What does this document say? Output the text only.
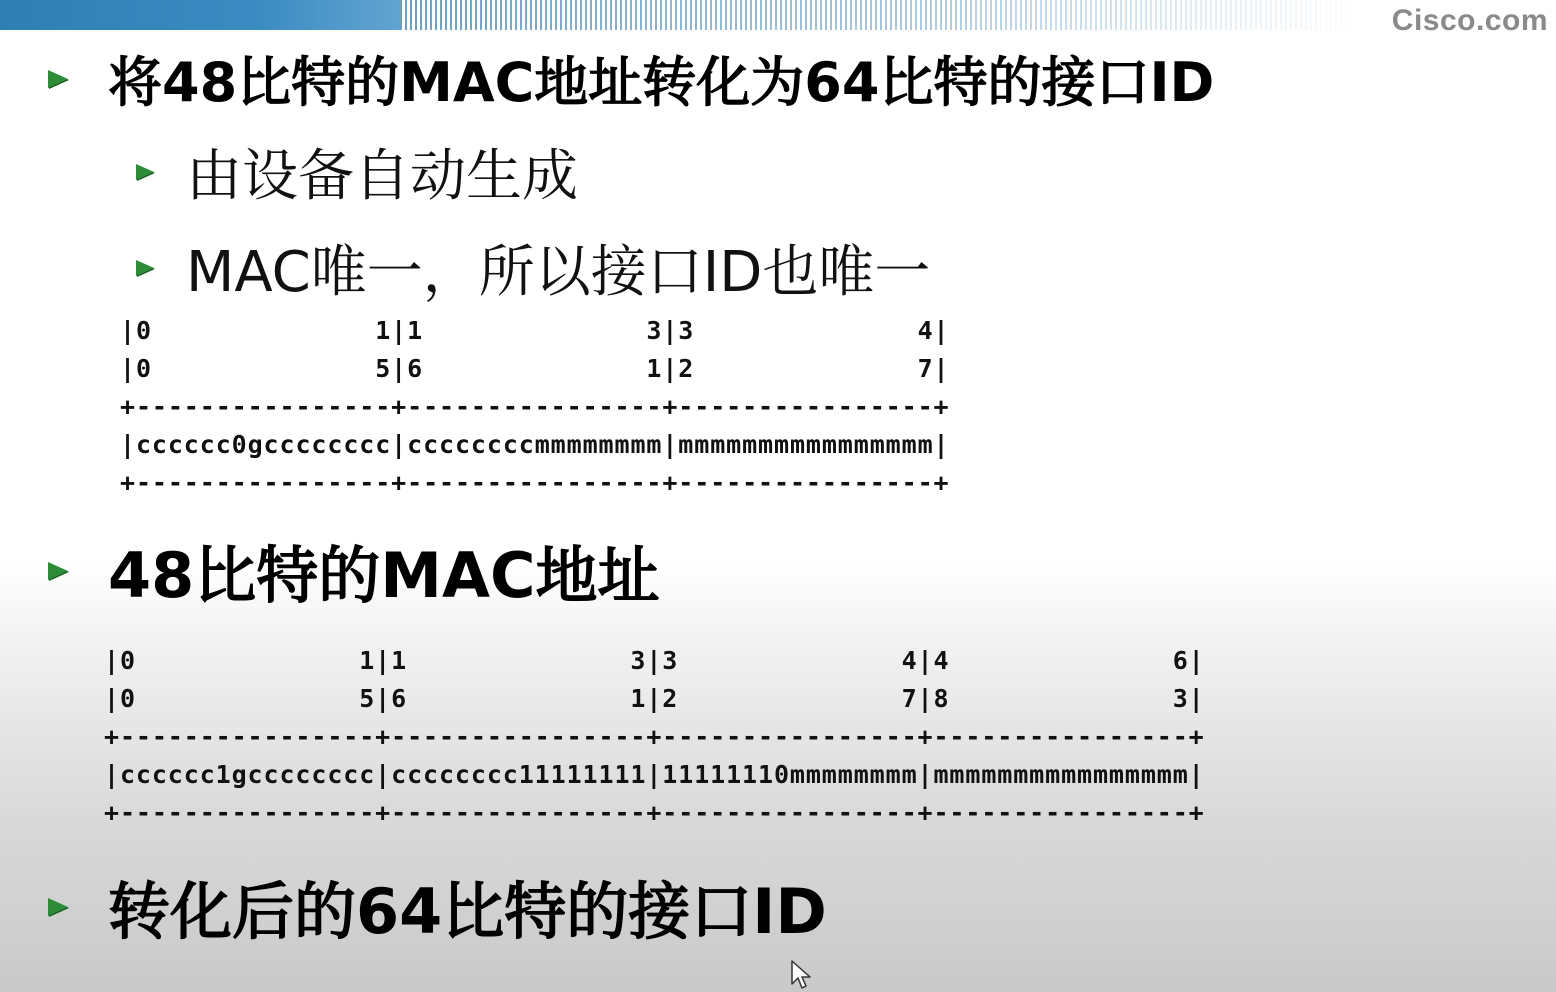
Cisco.com
将48比特的MAC地址转化为64比特的接口ID
由设备自动生成
MAC唯一，所以接口ID也唯一
|0              1|1              3|3              4|
|0              5|6              1|2              7|
+----------------+----------------+----------------+
|cccccc0gcccccccc|ccccccccmmmmmmmm|mmmmmmmmmmmmmmmm|
+----------------+----------------+----------------+
48比特的MAC地址
|0              1|1              3|3              4|4              6|
|0              5|6              1|2              7|8              3|
+----------------+----------------+----------------+----------------+
|cccccc1gcccccccc|cccccccc11111111|11111110mmmmmmmm|mmmmmmmmmmmmmmmm|
+----------------+----------------+----------------+----------------+
转化后的64比特的接口ID
